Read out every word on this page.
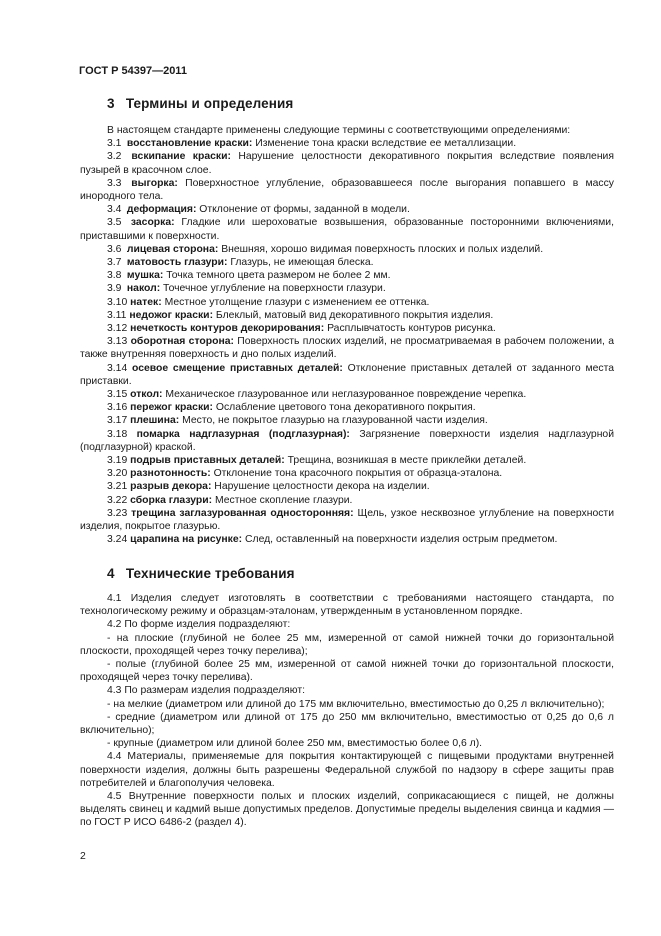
ГОСТ Р 54397—2011
3 Термины и определения

В настоящем стандарте применены следующие термины с соответствующими определениями:

3.1 восстановление краски: Изменение тона краски вследствие ее металлизации.

3.2 вскипание краски: Нарушение целостности декоративного покрытия вследствие появления пузырей в красочном слое.

3.3 выгорка: Поверхностное углубление, образовавшееся после выгорания попавшего в массу инородного тела.

3.4 деформация: Отклонение от формы, заданной в модели.

3.5 засорка: Гладкие или шероховатые возвышения, образованные посторонними включениями, приставшими к поверхности.

3.6 лицевая сторона: Внешняя, хорошо видимая поверхность плоских и полых изделий.

3.7 матовость глазури: Глазурь, не имеющая блеска.

3.8 мушка: Точка темного цвета размером не более 2 мм.

3.9 накол: Точечное углубление на поверхности глазури.

3.10 натек: Местное утолщение глазури с изменением ее оттенка.

3.11 недожог краски: Блеклый, матовый вид декоративного покрытия изделия.

3.12 нечеткость контуров декорирования: Расплывчатость контуров рисунка.

3.13 оборотная сторона: Поверхность плоских изделий, не просматриваемая в рабочем положении, а также внутренняя поверхность и дно полых изделий.

3.14 осевое смещение приставных деталей: Отклонение приставных деталей от заданного места приставки.

3.15 откол: Механическое глазурованное или неглазурованное повреждение черепка.

3.16 пережог краски: Ослабление цветового тона декоративного покрытия.

3.17 плешина: Место, не покрытое глазурью на глазурованной части изделия.

3.18 помарка надглазурная (подглазурная): Загрязнение поверхности изделия надглазурной (подглазурной) краской.

3.19 подрыв приставных деталей: Трещина, возникшая в месте приклейки деталей.

3.20 разнотонность: Отклонение тона красочного покрытия от образца-эталона.

3.21 разрыв декора: Нарушение целостности декора на изделии.

3.22 сборка глазури: Местное скопление глазури.

3.23 трещина заглазурованная односторонняя: Щель, узкое несквозное углубление на поверхности изделия, покрытое глазурью.

3.24 царапина на рисунке: След, оставленный на поверхности изделия острым предметом.

4 Технические требования

4.1 Изделия следует изготовлять в соответствии с требованиями настоящего стандарта, по технологическому режиму и образцам-эталонам, утвержденным в установленном порядке.

4.2 По форме изделия подразделяют:

- на плоские (глубиной не более 25 мм, измеренной от самой нижней точки до горизонтальной плоскости, проходящей через точку перелива);

- полые (глубиной более 25 мм, измеренной от самой нижней точки до горизонтальной плоскости, проходящей через точку перелива).

4.3 По размерам изделия подразделяют:

- на мелкие (диаметром или длиной до 175 мм включительно, вместимостью до 0,25 л включительно);

- средние (диаметром или длиной от 175 до 250 мм включительно, вместимостью от 0,25 до 0,6 л включительно);

- крупные (диаметром или длиной более 250 мм, вместимостью более 0,6 л).

4.4 Материалы, применяемые для покрытия контактирующей с пищевыми продуктами внутренней поверхности изделия, должны быть разрешены Федеральной службой по надзору в сфере защиты прав потребителей и благополучия человека.

4.5 Внутренние поверхности полых и плоских изделий, соприкасающиеся с пищей, не должны выделять свинец и кадмий выше допустимых пределов. Допустимые пределы выделения свинца и кадмия — по ГОСТ Р ИСО 6486-2 (раздел 4).

2
